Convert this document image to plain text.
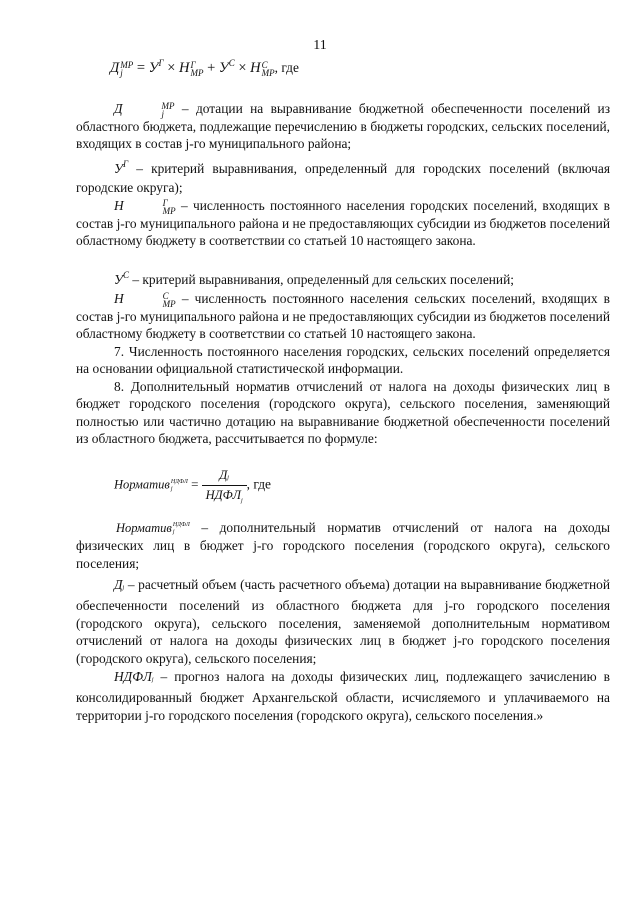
11
Д МР
$j = У^Г \times Н$ Г
МР + $У^С \times Н$ С
МР , где
Д	МР
j – дотации на выравнивание бюджетной обеспеченности поселений из областного бюджета, подлежащие перечислению в бюджеты городских, сельских поселений, входящих в состав j-го муниципального района;
$У^Г$ – критерий выравнивания, определенный для городских поселений (включая городские округа);
Н	Г
МР – численность постоянного населения городских поселений, входящих в состав j-го муниципального района и не предоставляющих субсидии из бюджетов поселений областному бюджету в соответствии со статьей 10 настоящего закона.
$У^С$ – критерий выравнивания, определенный для сельских поселений;
Н	С
МР – численность постоянного населения сельских поселений, входящих в состав j-го муниципального района и не предоставляющих субсидии из бюджетов поселений областному бюджету в соответствии со статьей 10 настоящего закона.
7. Численность постоянного населения городских, сельских поселений определяется на основании официальной статистической информации.
8. Дополнительный норматив отчислений от налога на доходы физических лиц в бюджет городского поселения (городского округа), сельского поселения, заменяющий полностью или частично дотацию на выравнивание бюджетной обеспеченности поселений из областного бюджета, рассчитывается по формуле:
Норматив НДФЛ
j	= $\frac{Дj}{НДФЛ_j}$ , где
Норматив НДФЛ
j	– дополнительный норматив отчислений от налога на доходы физических лиц в бюджет j-го городского поселения (городского округа), сельского поселения;
Дj – расчетный объем (часть расчетного объема) дотации на выравнивание бюджетной обеспеченности поселений из областного бюджета для j-го городского поселения (городского округа), сельского поселения, заменяемой дополнительным нормативом отчислений от налога на доходы физических лиц в бюджет j-го городского поселения (городского округа), сельского поселения;
НДФЛj – прогноз налога на доходы физических лиц, подлежащего зачислению в консолидированный бюджет Архангельской области, исчисляемого и уплачиваемого на территории j-го городского поселения (городского округа), сельского поселения.»
